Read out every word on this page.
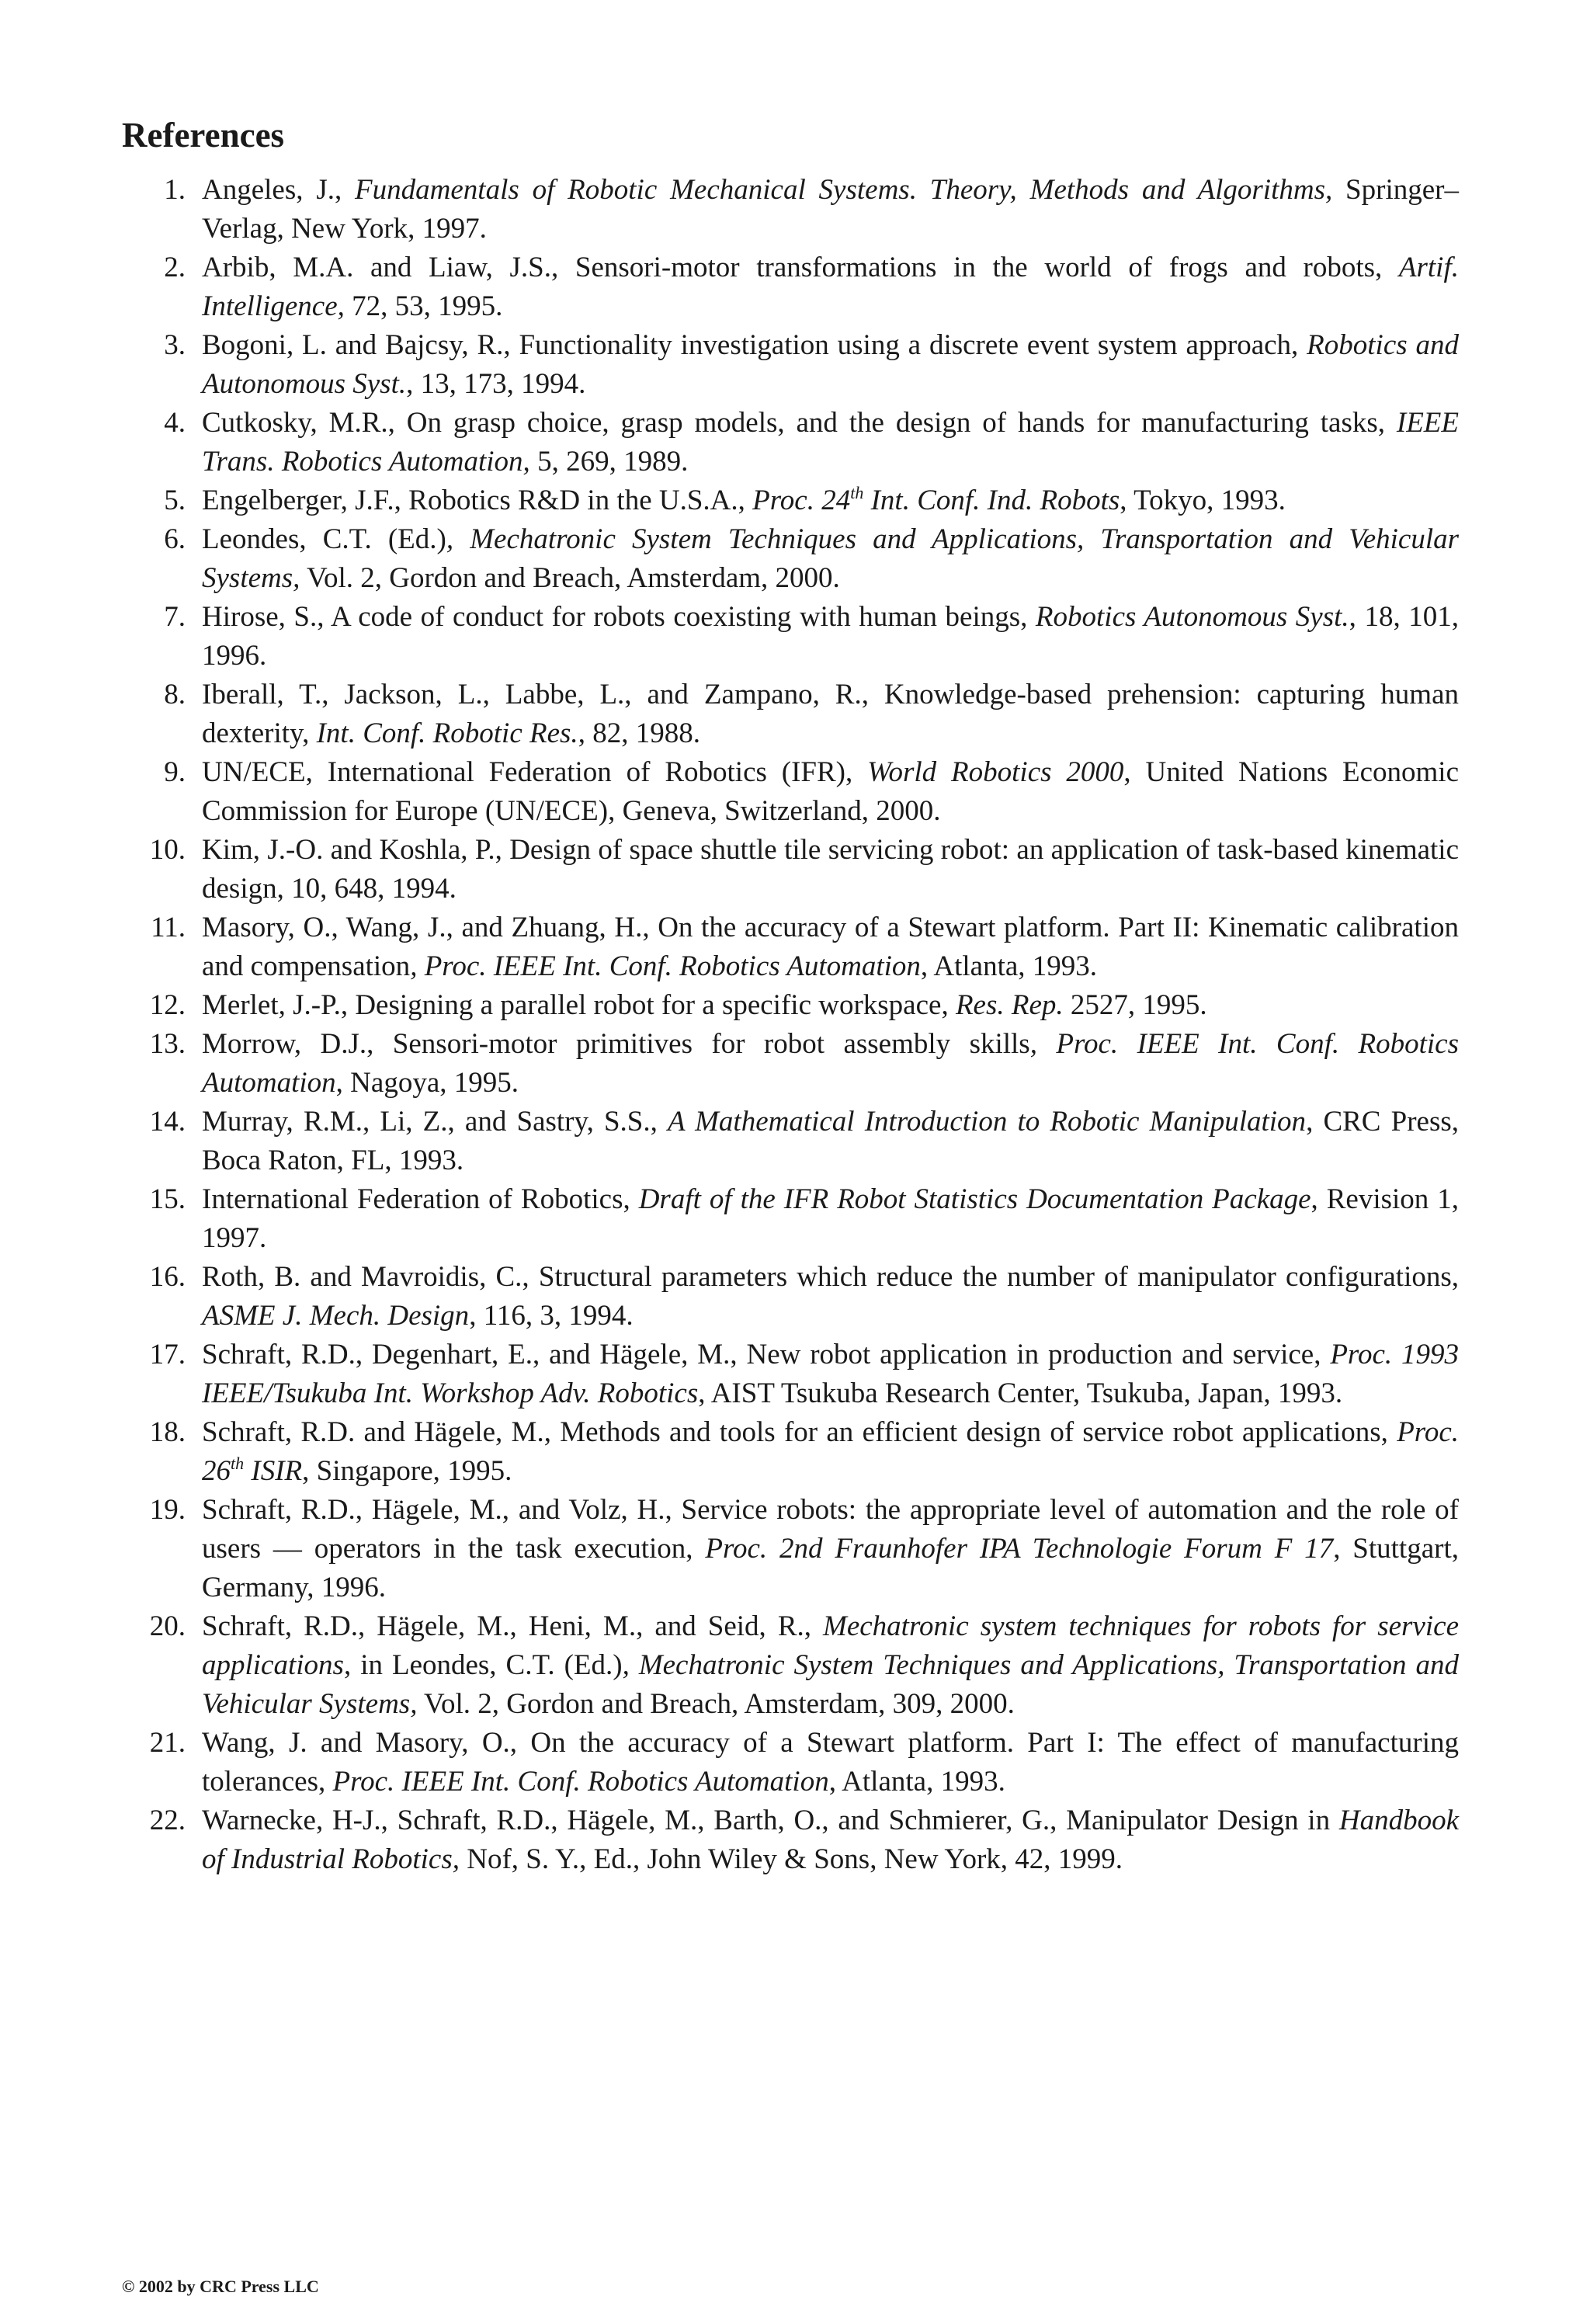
References
1. Angeles, J., Fundamentals of Robotic Mechanical Systems. Theory, Methods and Algorithms, Springer–Verlag, New York, 1997.
2. Arbib, M.A. and Liaw, J.S., Sensori-motor transformations in the world of frogs and robots, Artif. Intelligence, 72, 53, 1995.
3. Bogoni, L. and Bajcsy, R., Functionality investigation using a discrete event system approach, Robotics and Autonomous Syst., 13, 173, 1994.
4. Cutkosky, M.R., On grasp choice, grasp models, and the design of hands for manufacturing tasks, IEEE Trans. Robotics Automation, 5, 269, 1989.
5. Engelberger, J.F., Robotics R&D in the U.S.A., Proc. 24th Int. Conf. Ind. Robots, Tokyo, 1993.
6. Leondes, C.T. (Ed.), Mechatronic System Techniques and Applications, Transportation and Vehicular Systems, Vol. 2, Gordon and Breach, Amsterdam, 2000.
7. Hirose, S., A code of conduct for robots coexisting with human beings, Robotics Autonomous Syst., 18, 101, 1996.
8. Iberall, T., Jackson, L., Labbe, L., and Zampano, R., Knowledge-based prehension: capturing human dexterity, Int. Conf. Robotic Res., 82, 1988.
9. UN/ECE, International Federation of Robotics (IFR), World Robotics 2000, United Nations Economic Commission for Europe (UN/ECE), Geneva, Switzerland, 2000.
10. Kim, J.-O. and Koshla, P., Design of space shuttle tile servicing robot: an application of task-based kinematic design, 10, 648, 1994.
11. Masory, O., Wang, J., and Zhuang, H., On the accuracy of a Stewart platform. Part II: Kinematic calibration and compensation, Proc. IEEE Int. Conf. Robotics Automation, Atlanta, 1993.
12. Merlet, J.-P., Designing a parallel robot for a specific workspace, Res. Rep. 2527, 1995.
13. Morrow, D.J., Sensori-motor primitives for robot assembly skills, Proc. IEEE Int. Conf. Robotics Automation, Nagoya, 1995.
14. Murray, R.M., Li, Z., and Sastry, S.S., A Mathematical Introduction to Robotic Manipulation, CRC Press, Boca Raton, FL, 1993.
15. International Federation of Robotics, Draft of the IFR Robot Statistics Documentation Package, Revision 1, 1997.
16. Roth, B. and Mavroidis, C., Structural parameters which reduce the number of manipulator configurations, ASME J. Mech. Design, 116, 3, 1994.
17. Schraft, R.D., Degenhart, E., and Hägele, M., New robot application in production and service, Proc. 1993 IEEE/Tsukuba Int. Workshop Adv. Robotics, AIST Tsukuba Research Center, Tsukuba, Japan, 1993.
18. Schraft, R.D. and Hägele, M., Methods and tools for an efficient design of service robot applications, Proc. 26th ISIR, Singapore, 1995.
19. Schraft, R.D., Hägele, M., and Volz, H., Service robots: the appropriate level of automation and the role of users — operators in the task execution, Proc. 2nd Fraunhofer IPA Technologie Forum F 17, Stuttgart, Germany, 1996.
20. Schraft, R.D., Hägele, M., Heni, M., and Seid, R., Mechatronic system techniques for robots for service applications, in Leondes, C.T. (Ed.), Mechatronic System Techniques and Applications, Transportation and Vehicular Systems, Vol. 2, Gordon and Breach, Amsterdam, 309, 2000.
21. Wang, J. and Masory, O., On the accuracy of a Stewart platform. Part I: The effect of manufacturing tolerances, Proc. IEEE Int. Conf. Robotics Automation, Atlanta, 1993.
22. Warnecke, H-J., Schraft, R.D., Hägele, M., Barth, O., and Schmierer, G., Manipulator Design in Handbook of Industrial Robotics, Nof, S. Y., Ed., John Wiley & Sons, New York, 42, 1999.
© 2002 by CRC Press LLC
